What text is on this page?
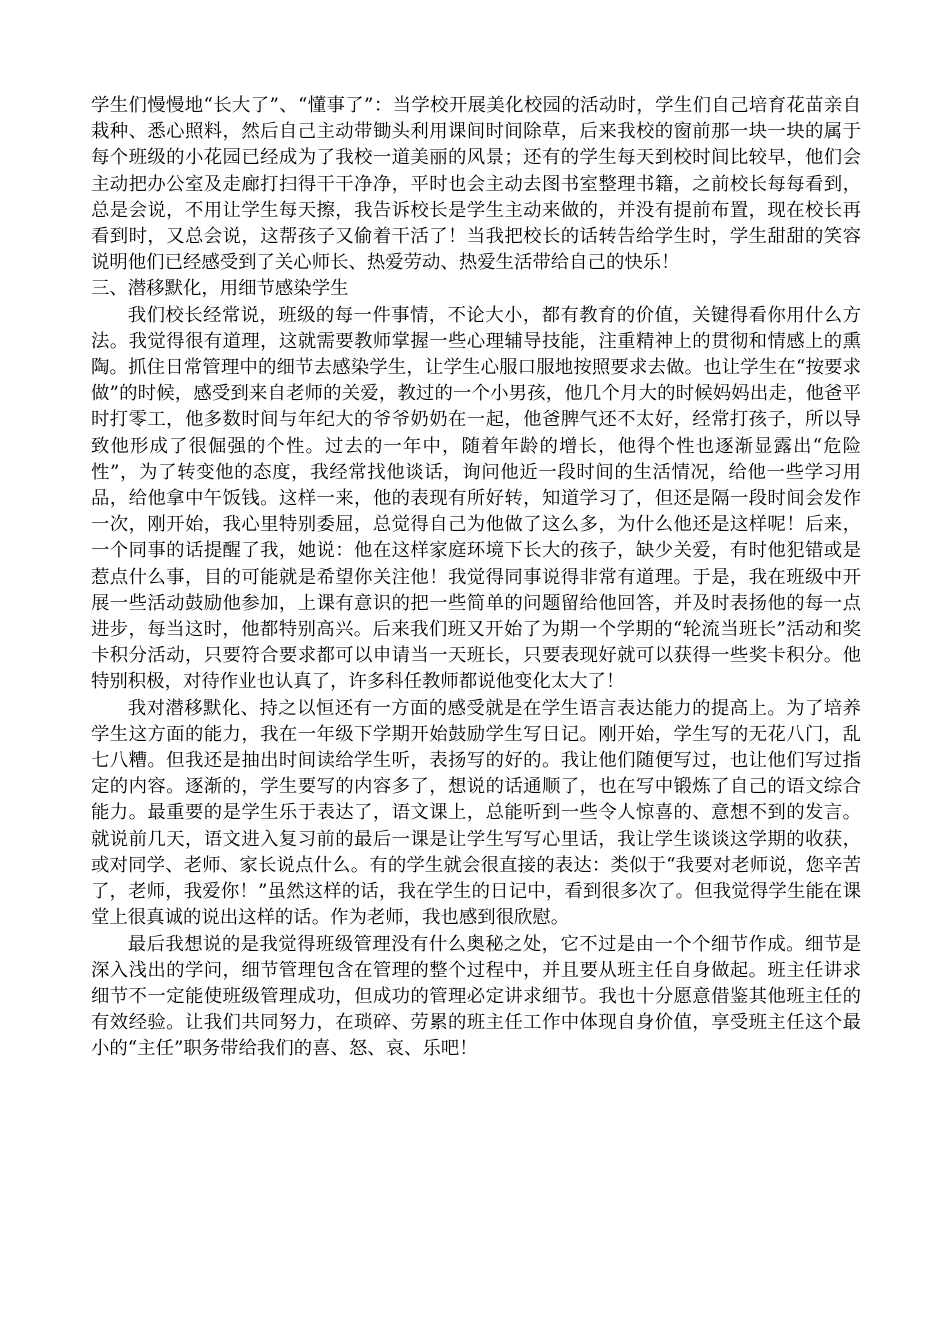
学生们慢慢地“长大了”、“懂事了”：当学校开展美化校园的活动时，学生们自己培育花苗亲自栽种、悉心照料，然后自己主动带锄头利用课间时间除草，后来我校的窗前那一块一块的属于每个班级的小花园已经成为了我校一道美丽的风景；还有的学生每天到校时间比较早，他们会主动把办公室及走廊打扫得干干净净，平时也会主动去图书室整理书籍，之前校长每每看到，总是会说，不用让学生每天擦，我告诉校长是学生主动来做的，并没有提前布置，现在校长再看到时，又总会说，这帮孩子又偷着干活了！当我把校长的话转告给学生时，学生甜甜的笑容说明他们已经感受到了关心师长、热爱劳动、热爱生活带给自己的快乐！

三、潜移默化，用细节感染学生

我们校长经常说，班级的每一件事情，不论大小，都有教育的价值，关键得看你用什么方法。我觉得很有道理，这就需要教师掌握一些心理辅导技能，注重精神上的贯彻和情感上的熏陶。抓住日常管理中的细节去感染学生，让学生心服口服地按照要求去做。也让学生在“按要求做”的时候，感受到来自老师的关爱，教过的一个小男孩，他几个月大的时候妈妈出走，他爸平时打零工，他多数时间与年纪大的爷爷奶奶在一起，他爸脾气还不太好，经常打孩子，所以导致他形成了很倔强的个性。过去的一年中，随着年龄的增长，他得个性也逐渐显露出“危险性”，为了转变他的态度，我经常找他谈话，询问他近一段时间的生活情况，给他一些学习用品，给他拿中午饭钱。这样一来，他的表现有所好转，知道学习了，但还是隔一段时间会发作一次，刚开始，我心里特别委屈，总觉得自己为他做了这么多，为什么他还是这样呢！后来，一个同事的话提醒了我，她说：他在这样家庭环境下长大的孩子，缺少关爱，有时他犯错或是惹点什么事，目的可能就是希望你关注他！我觉得同事说得非常有道理。于是，我在班级中开展一些活动鼓励他参加，上课有意识的把一些简单的问题留给他回答，并及时表扬他的每一点进步，每当这时，他都特别高兴。后来我们班又开始了为期一个学期的“轮流当班长”活动和奖卡积分活动，只要符合要求都可以申请当一天班长，只要表现好就可以获得一些奖卡积分。他特别积极，对待作业也认真了，许多科任教师都说他变化太大了！

我对潜移默化、持之以恒还有一方面的感受就是在学生语言表达能力的提高上。为了培养学生这方面的能力，我在一年级下学期开始鼓励学生写日记。刚开始，学生写的无花八门，乱七八糟。但我还是抽出时间读给学生听，表扬写的好的。我让他们随便写过，也让他们写过指定的内容。逐渐的，学生要写的内容多了，想说的话通顺了，也在写中锻炼了自己的语文综合能力。最重要的是学生乐于表达了，语文课上，总能听到一些令人惊喜的、意想不到的发言。就说前几天，语文进入复习前的最后一课是让学生写写心里话，我让学生谈谈这学期的收获，或对同学、老师、家长说点什么。有的学生就会很直接的表达：类似于“我要对老师说，您辛苦了，老师，我爱你！”虽然这样的话，我在学生的日记中，看到很多次了。但我觉得学生能在课堂上很真诚的说出这样的话。作为老师，我也感到很欣慰。

最后我想说的是我觉得班级管理没有什么奥秘之处，它不过是由一个个细节作成。细节是深入浅出的学问，细节管理包含在管理的整个过程中，并且要从班主任自身做起。班主任讲求细节不一定能使班级管理成功，但成功的管理必定讲求细节。我也十分愿意借鉴其他班主任的有效经验。让我们共同努力，在琐碎、劳累的班主任工作中体现自身价值，享受班主任这个最小的“主任”职务带给我们的喜、怒、哀、乐吧！
